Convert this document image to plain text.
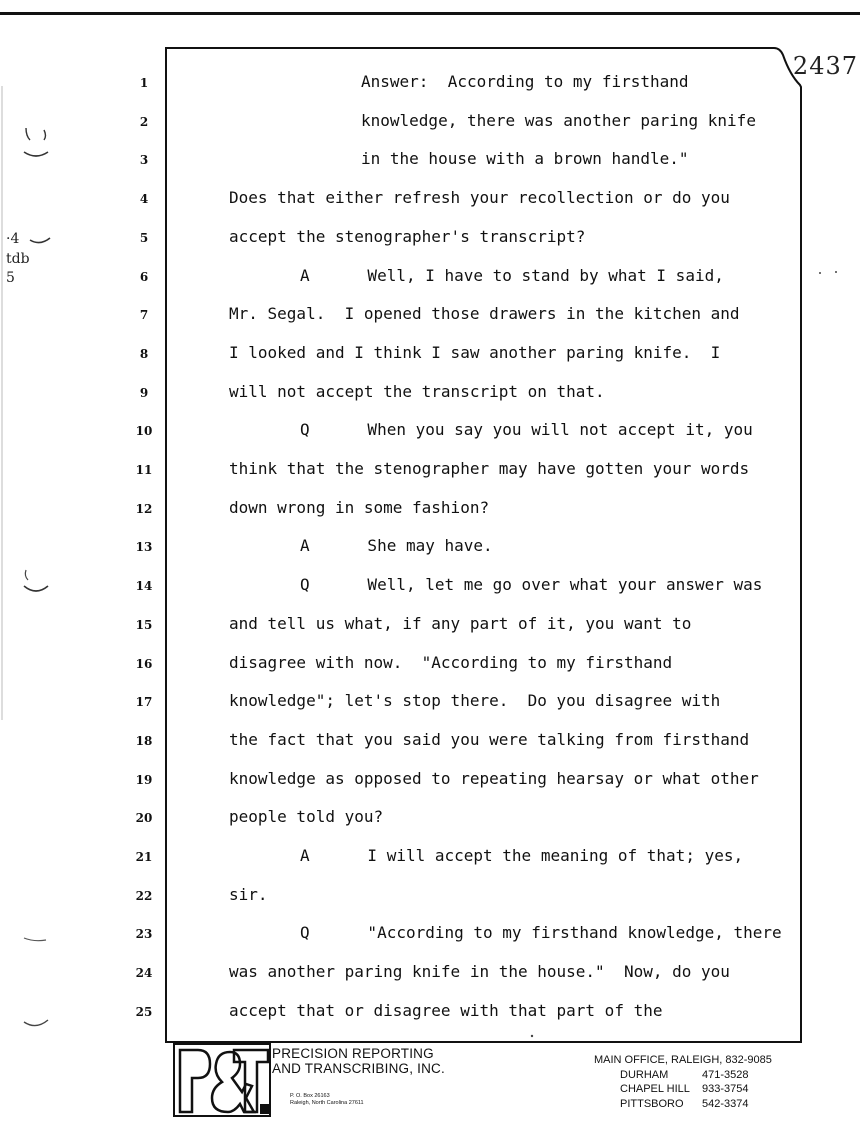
2437
·4
tdb
5
1
2
3
4
5
6
7
8
9
10
11
12
13
14
15
16
17
18
19
20
21
22
23
24
25
Answer:  According to my firsthand
knowledge, there was another paring knife
in the house with a brown handle."
Does that either refresh your recollection or do you
accept the stenographer's transcript?
A      Well, I have to stand by what I said,
Mr. Segal.  I opened those drawers in the kitchen and
I looked and I think I saw another paring knife.  I
will not accept the transcript on that.
Q      When you say you will not accept it, you
think that the stenographer may have gotten your words
down wrong in some fashion?
A      She may have.
Q      Well, let me go over what your answer was
and tell us what, if any part of it, you want to
disagree with now.  "According to my firsthand
knowledge"; let's stop there.  Do you disagree with
the fact that you said you were talking from firsthand
knowledge as opposed to repeating hearsay or what other
people told you?
A      I will accept the meaning of that; yes,
sir.
Q      "According to my firsthand knowledge, there
was another paring knife in the house."  Now, do you
accept that or disagree with that part of the
PRECISION REPORTING
AND TRANSCRIBING, INC.
P. O. Box 26163
Raleigh, North Carolina 27611
MAIN OFFICE, RALEIGH, 832-9085
DURHAM	471-3528
CHAPEL HILL 933-3754
PITTSBORO 542-3374
